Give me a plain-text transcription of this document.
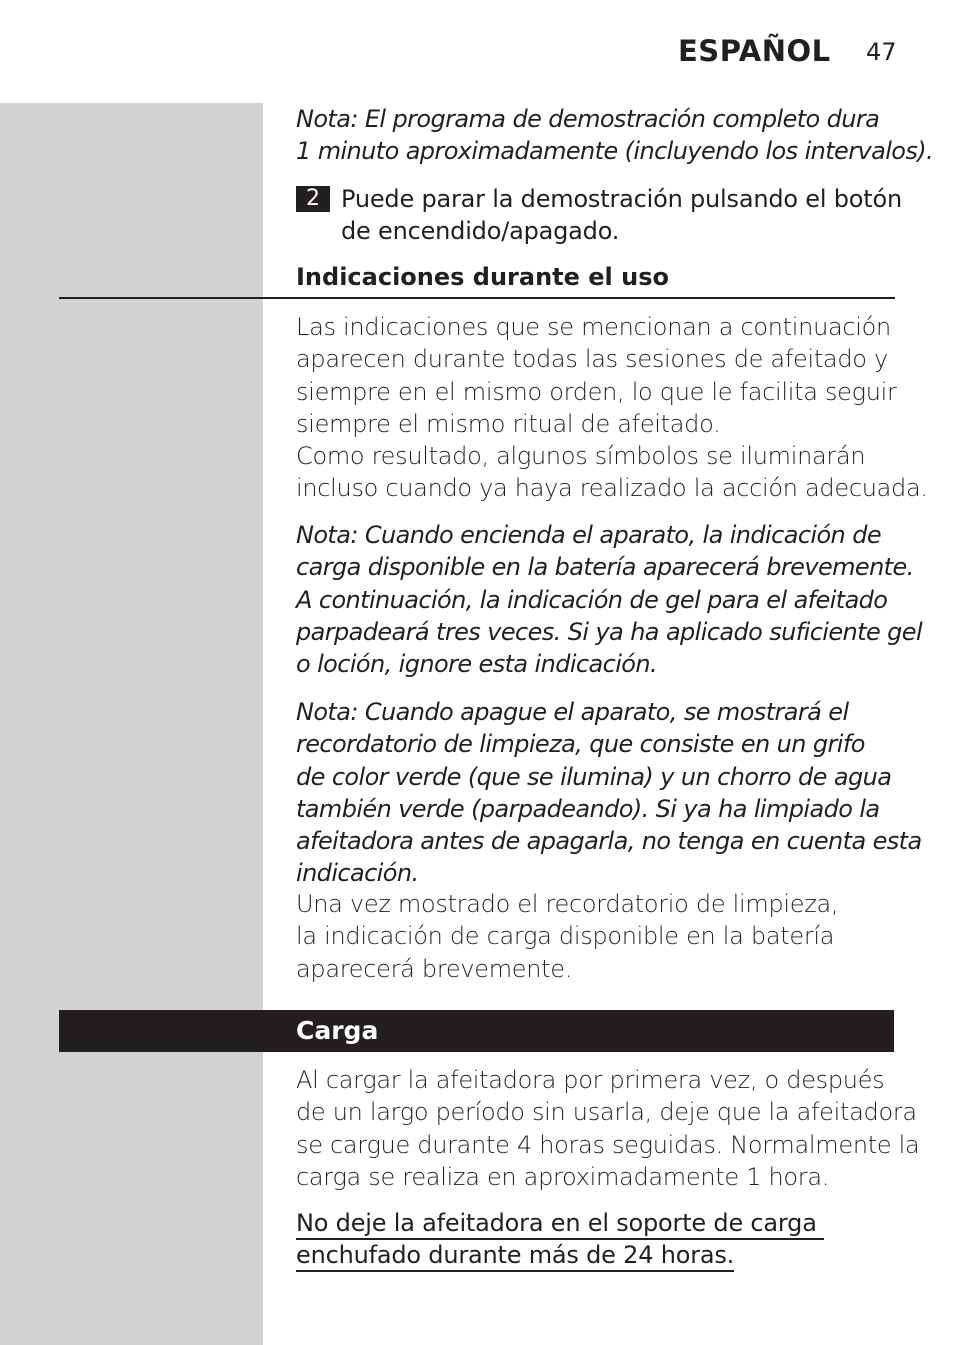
ESPAÑOL 47
Nota: El programa de demostración completo dura
1 minuto aproximadamente (incluyendo los intervalos).
2 Puede parar la demostración pulsando el botón
de encendido/apagado.
Indicaciones durante el uso
Las indicaciones que se mencionan a continuación
aparecen durante todas las sesiones de afeitado y
siempre en el mismo orden, lo que le facilita seguir
siempre el mismo ritual de afeitado.
Como resultado, algunos símbolos se iluminarán
incluso cuando ya haya realizado la acción adecuada.
Nota: Cuando encienda el aparato, la indicación de
carga disponible en la batería aparecerá brevemente.
A continuación, la indicación de gel para el afeitado
parpadeará tres veces. Si ya ha aplicado suficiente gel
o loción, ignore esta indicación.
Nota: Cuando apague el aparato, se mostrará el
recordatorio de limpieza, que consiste en un grifo
de color verde (que se ilumina) y un chorro de agua
también verde (parpadeando). Si ya ha limpiado la
afeitadora antes de apagarla, no tenga en cuenta esta
indicación.
Una vez mostrado el recordatorio de limpieza,
la indicación de carga disponible en la batería
aparecerá brevemente.
Carga
Al cargar la afeitadora por primera vez, o después
de un largo período sin usarla, deje que la afeitadora
se cargue durante 4 horas seguidas. Normalmente la
carga se realiza en aproximadamente 1 hora.
No deje la afeitadora en el soporte de carga
enchufado durante más de 24 horas.
